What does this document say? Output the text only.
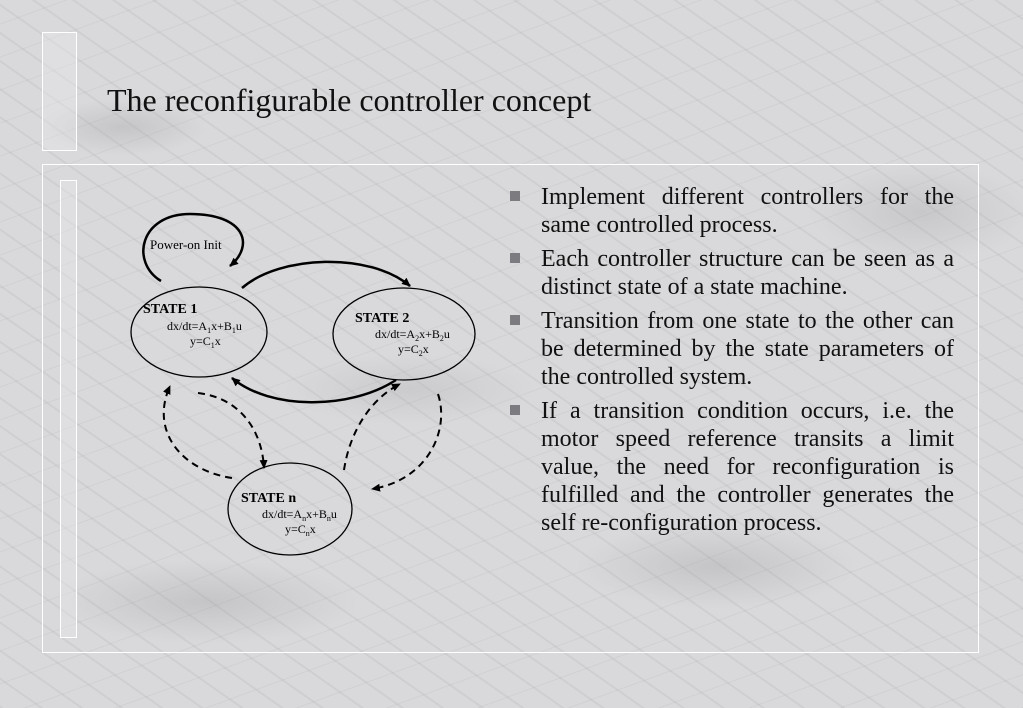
The reconfigurable controller concept
Power-on Init
STATE 1
$dx/dt=A_1x+B_1u$
$y=C_1x$
STATE 2
$dx/dt=A_2x+B_2u$
$y=C_2x$
STATE n
$dx/dt=A_nx+B_nu$
$y=C_nx$
Implement different controllers for the same controlled process.
Each controller structure can be seen as a distinct state of a state machine.
Transition from one state to the other can be determined by the state parameters of the controlled system.
If a transition condition occurs, i.e. the motor speed reference transits a limit value, the need for reconfiguration is fulfilled and the controller generates the self re-configuration process.
